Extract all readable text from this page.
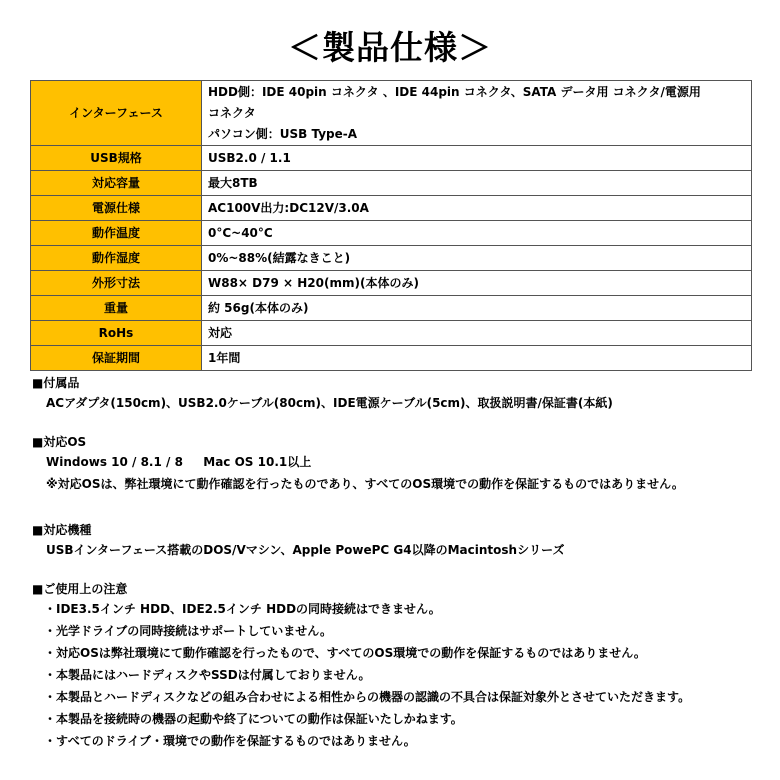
＜製品仕様＞
インターフェース	HDD側：IDE 40pin コネクタ 、IDE 44pin コネクタ、SATA データ用 コネクタ/電源用
コネクタ
パソコン側：USB Type-A

USB規格	USB2.0 / 1.1
対応容量	最大8TB
電源仕様	AC100V出力:DC12V/3.0A
動作温度	0°C~40°C
動作湿度	0%~88%(結露なきこと)
外形寸法	W88× D79 × H20(mm)(本体のみ)
重量	約 56g(本体のみ)
RoHs	対応
保証期間	1年間
■付属品
ACアダプタ(150cm)、USB2.0ケーブル(80cm)、IDE電源ケーブル(5cm)、取扱説明書/保証書(本紙)
■対応OS
Windows 10 / 8.1 / 8 　 Mac OS 10.1以上
※対応OSは、弊社環境にて動作確認を行ったものであり、すべてのOS環境での動作を保証するものではありません。
■対応機種
USBインターフェース搭載のDOS/Vマシン、Apple PowePC G4以降のMacintoshシリーズ
■ご使用上の注意
・IDE3.5インチ HDD、IDE2.5インチ HDDの同時接続はできません。
・光学ドライブの同時接続はサポートしていません。
・対応OSは弊社環境にて動作確認を行ったもので、すべてのOS環境での動作を保証するものではありません。
・本製品にはハードディスクやSSDは付属しておりません。
・本製品とハードディスクなどの組み合わせによる相性からの機器の認識の不具合は保証対象外とさせていただきます。
・本製品を接続時の機器の起動や終了についての動作は保証いたしかねます。
・すべてのドライブ・環境での動作を保証するものではありません。
